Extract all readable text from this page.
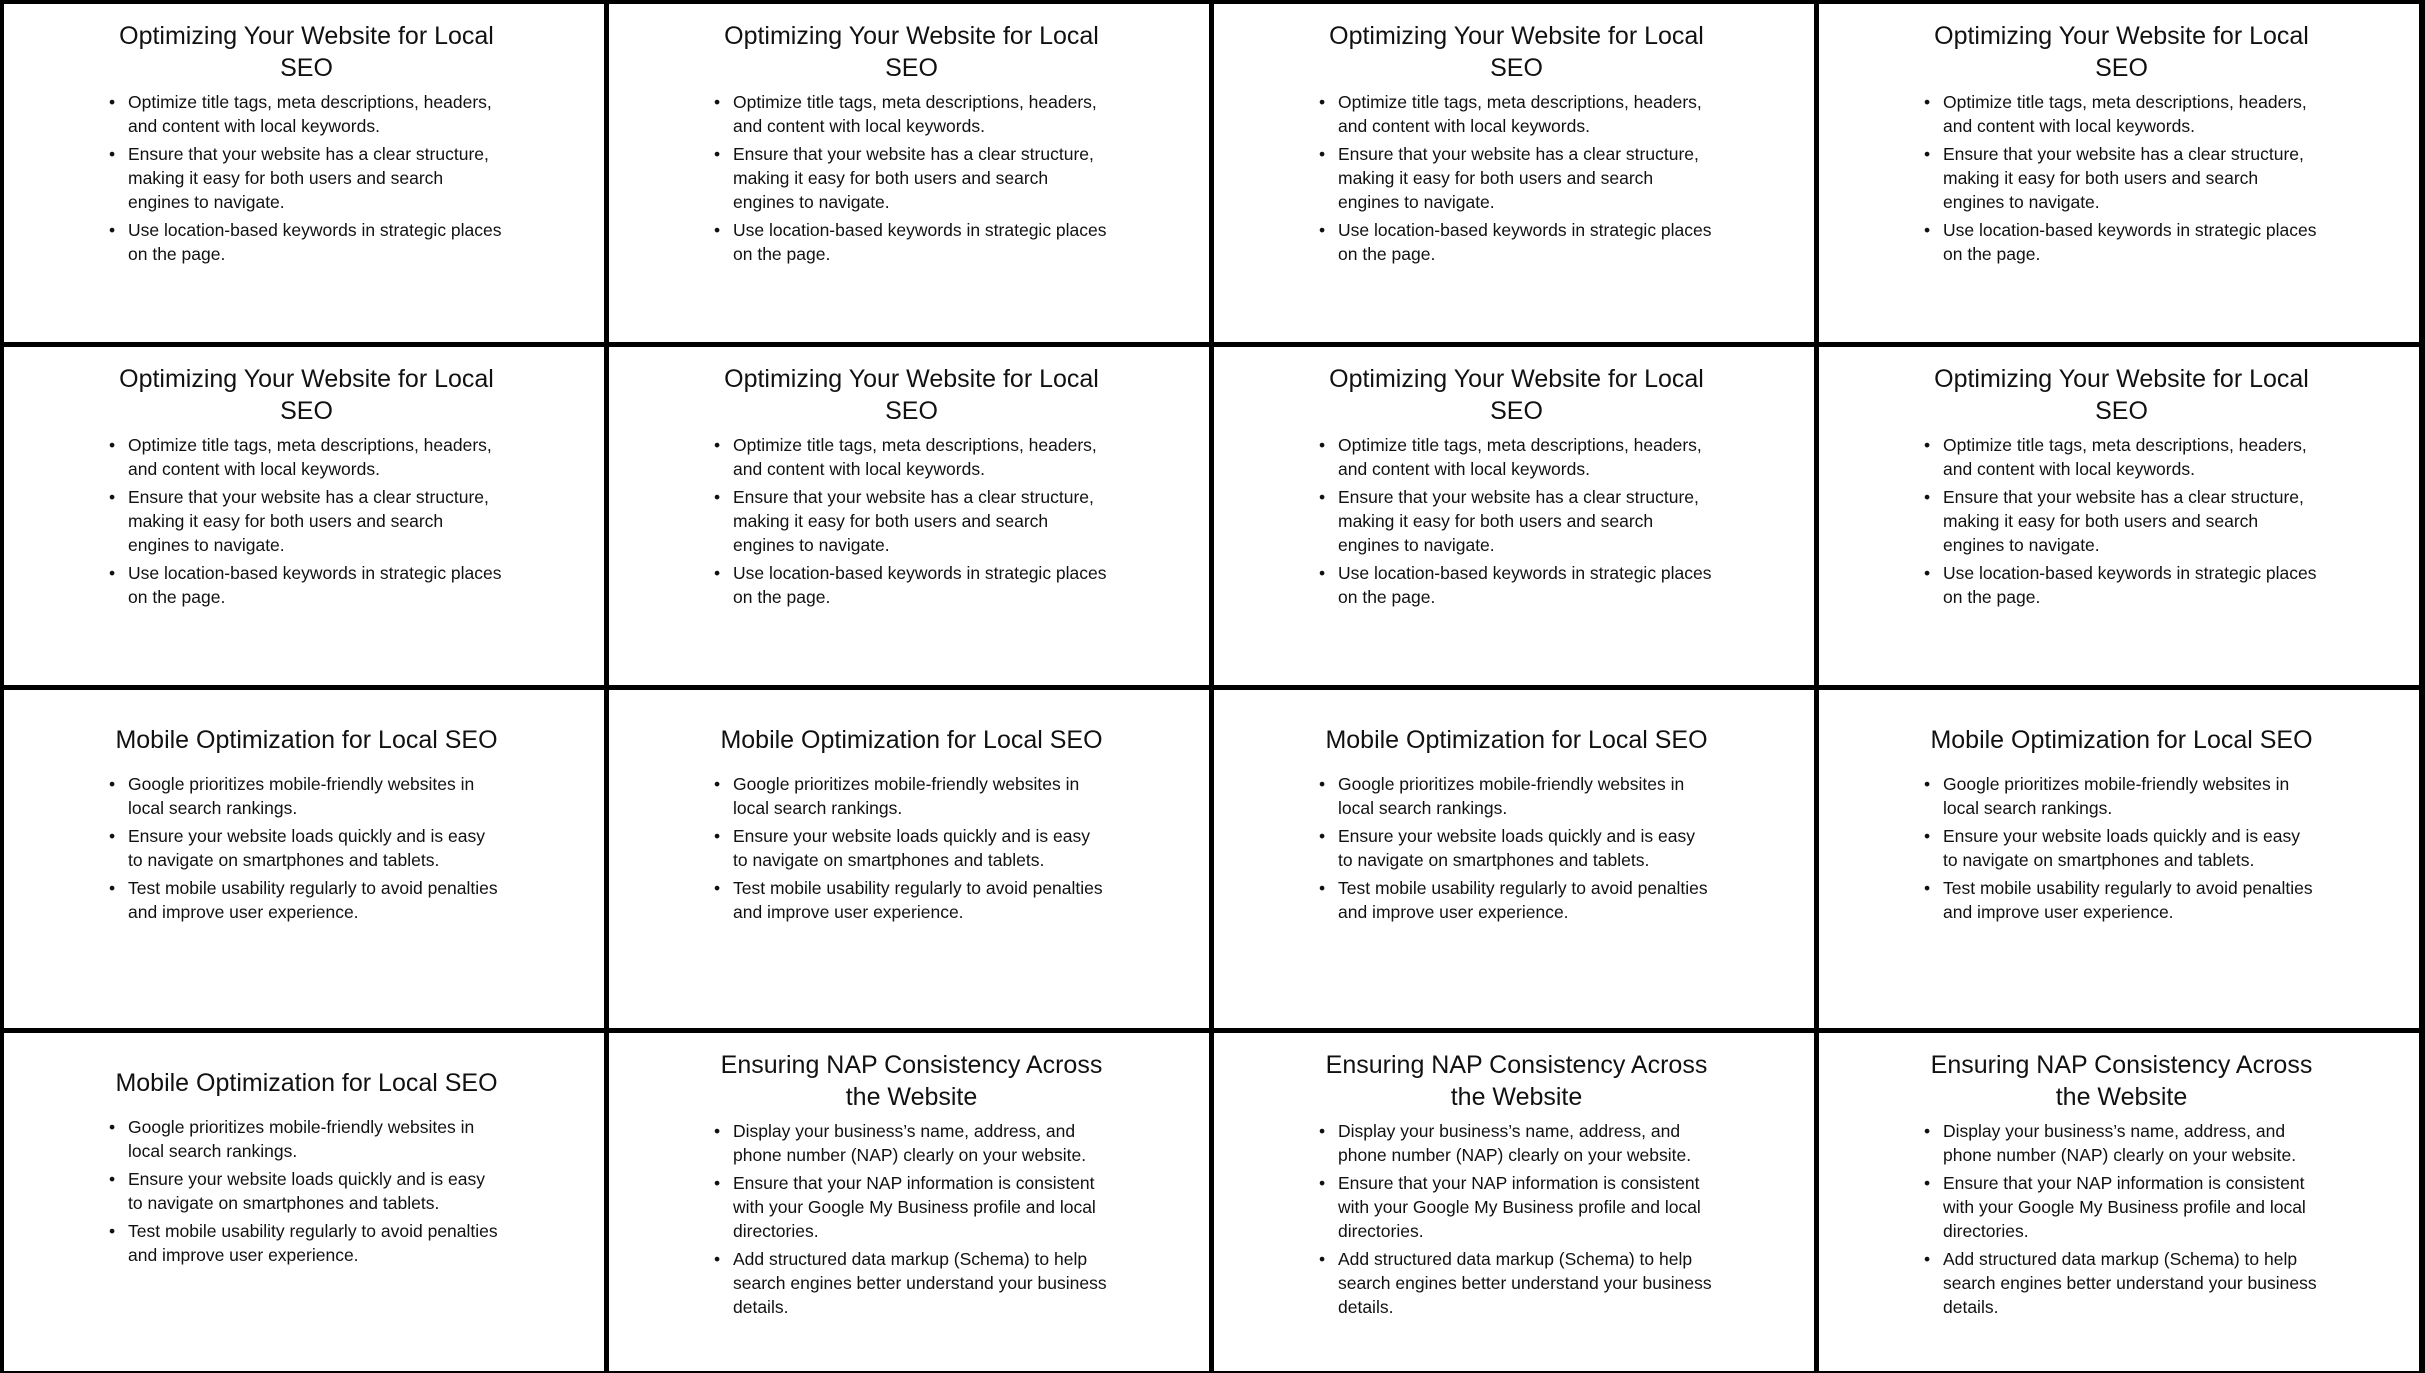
Optimizing Your Website for Local SEO
• Optimize title tags, meta descriptions, headers, and content with local keywords.
• Ensure that your website has a clear structure, making it easy for both users and search engines to navigate.
• Use location-based keywords in strategic places on the page.
Optimizing Your Website for Local SEO
• Optimize title tags, meta descriptions, headers, and content with local keywords.
• Ensure that your website has a clear structure, making it easy for both users and search engines to navigate.
• Use location-based keywords in strategic places on the page.
Optimizing Your Website for Local SEO
• Optimize title tags, meta descriptions, headers, and content with local keywords.
• Ensure that your website has a clear structure, making it easy for both users and search engines to navigate.
• Use location-based keywords in strategic places on the page.
Optimizing Your Website for Local SEO
• Optimize title tags, meta descriptions, headers, and content with local keywords.
• Ensure that your website has a clear structure, making it easy for both users and search engines to navigate.
• Use location-based keywords in strategic places on the page.
Optimizing Your Website for Local SEO
• Optimize title tags, meta descriptions, headers, and content with local keywords.
• Ensure that your website has a clear structure, making it easy for both users and search engines to navigate.
• Use location-based keywords in strategic places on the page.
Optimizing Your Website for Local SEO
• Optimize title tags, meta descriptions, headers, and content with local keywords.
• Ensure that your website has a clear structure, making it easy for both users and search engines to navigate.
• Use location-based keywords in strategic places on the page.
Optimizing Your Website for Local SEO
• Optimize title tags, meta descriptions, headers, and content with local keywords.
• Ensure that your website has a clear structure, making it easy for both users and search engines to navigate.
• Use location-based keywords in strategic places on the page.
Optimizing Your Website for Local SEO
• Optimize title tags, meta descriptions, headers, and content with local keywords.
• Ensure that your website has a clear structure, making it easy for both users and search engines to navigate.
• Use location-based keywords in strategic places on the page.
Mobile Optimization for Local SEO
• Google prioritizes mobile-friendly websites in local search rankings.
• Ensure your website loads quickly and is easy to navigate on smartphones and tablets.
• Test mobile usability regularly to avoid penalties and improve user experience.
Mobile Optimization for Local SEO
• Google prioritizes mobile-friendly websites in local search rankings.
• Ensure your website loads quickly and is easy to navigate on smartphones and tablets.
• Test mobile usability regularly to avoid penalties and improve user experience.
Mobile Optimization for Local SEO
• Google prioritizes mobile-friendly websites in local search rankings.
• Ensure your website loads quickly and is easy to navigate on smartphones and tablets.
• Test mobile usability regularly to avoid penalties and improve user experience.
Mobile Optimization for Local SEO
• Google prioritizes mobile-friendly websites in local search rankings.
• Ensure your website loads quickly and is easy to navigate on smartphones and tablets.
• Test mobile usability regularly to avoid penalties and improve user experience.
Mobile Optimization for Local SEO
• Google prioritizes mobile-friendly websites in local search rankings.
• Ensure your website loads quickly and is easy to navigate on smartphones and tablets.
• Test mobile usability regularly to avoid penalties and improve user experience.
Ensuring NAP Consistency Across the Website
• Display your business’s name, address, and phone number (NAP) clearly on your website.
• Ensure that your NAP information is consistent with your Google My Business profile and local directories.
• Add structured data markup (Schema) to help search engines better understand your business details.
Ensuring NAP Consistency Across the Website
• Display your business’s name, address, and phone number (NAP) clearly on your website.
• Ensure that your NAP information is consistent with your Google My Business profile and local directories.
• Add structured data markup (Schema) to help search engines better understand your business details.
Ensuring NAP Consistency Across the Website
• Display your business’s name, address, and phone number (NAP) clearly on your website.
• Ensure that your NAP information is consistent with your Google My Business profile and local directories.
• Add structured data markup (Schema) to help search engines better understand your business details.
